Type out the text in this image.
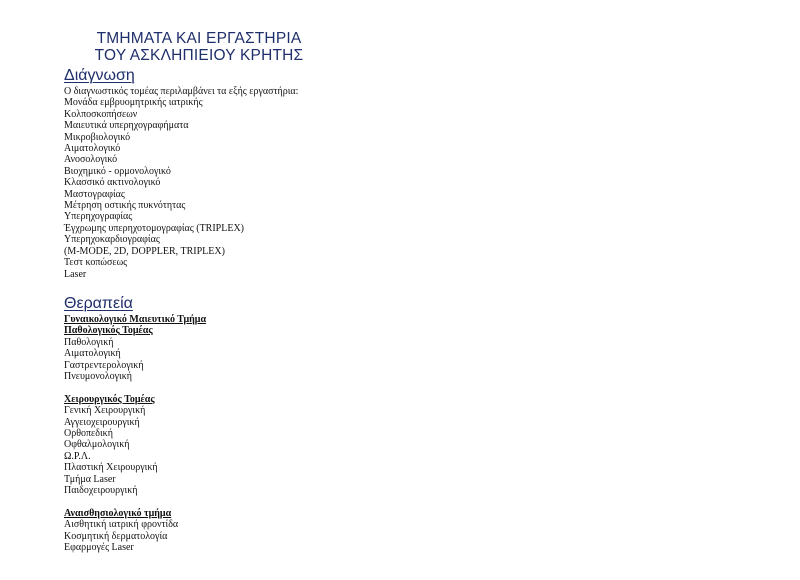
ΤΜΗΜΑΤΑ ΚΑΙ ΕΡΓΑΣΤΗΡΙΑ
ΤΟΥ ΑΣΚΛΗΠΙΕΙΟΥ ΚΡΗΤΗΣ
Διάγνωση
Ο διαγνωστικός τομέας περιλαμβάνει τα εξής εργαστήρια:
Μονάδα εμβρυομητρικής ιατρικής
Κολποσκοπήσεων
Μαιευτικά υπερηχογραφήματα
Μικροβιολογικό
Αιματολογικό
Ανοσολογικό
Βιοχημικό - ορμονολογικό
Κλασσικό ακτινολογικό
Μαστογραφίας
Μέτρηση οστικής πυκνότητας
Υπερηχογραφίας
Έγχρωμης υπερηχοτομογραφίας (TRIPLEX)
Υπερηχοκαρδιογραφίας
(M-MODE, 2D, DOPPLER, TRIPLEX)
Τεστ κοπώσεως
Laser
Θεραπεία
Γυναικολογικό Μαιευτικό Τμήμα
Παθολογικός Τομέας
Παθολογική
Αιματολογική
Γαστρεντερολογική
Πνευμονολογική
Χειρουργικός Τομέας
Γενική Χειρουργική
Αγγειοχειρουργική
Ορθοπεδική
Οφθαλμολογική
Ω.Ρ.Λ.
Πλαστική Χειρουργική
Τμήμα Laser
Παιδοχειρουργική
Αναισθησιολογικό τμήμα
Αισθητική ιατρική φροντίδα
Κοσμητική δερματολογία
Εφαρμογές Laser
